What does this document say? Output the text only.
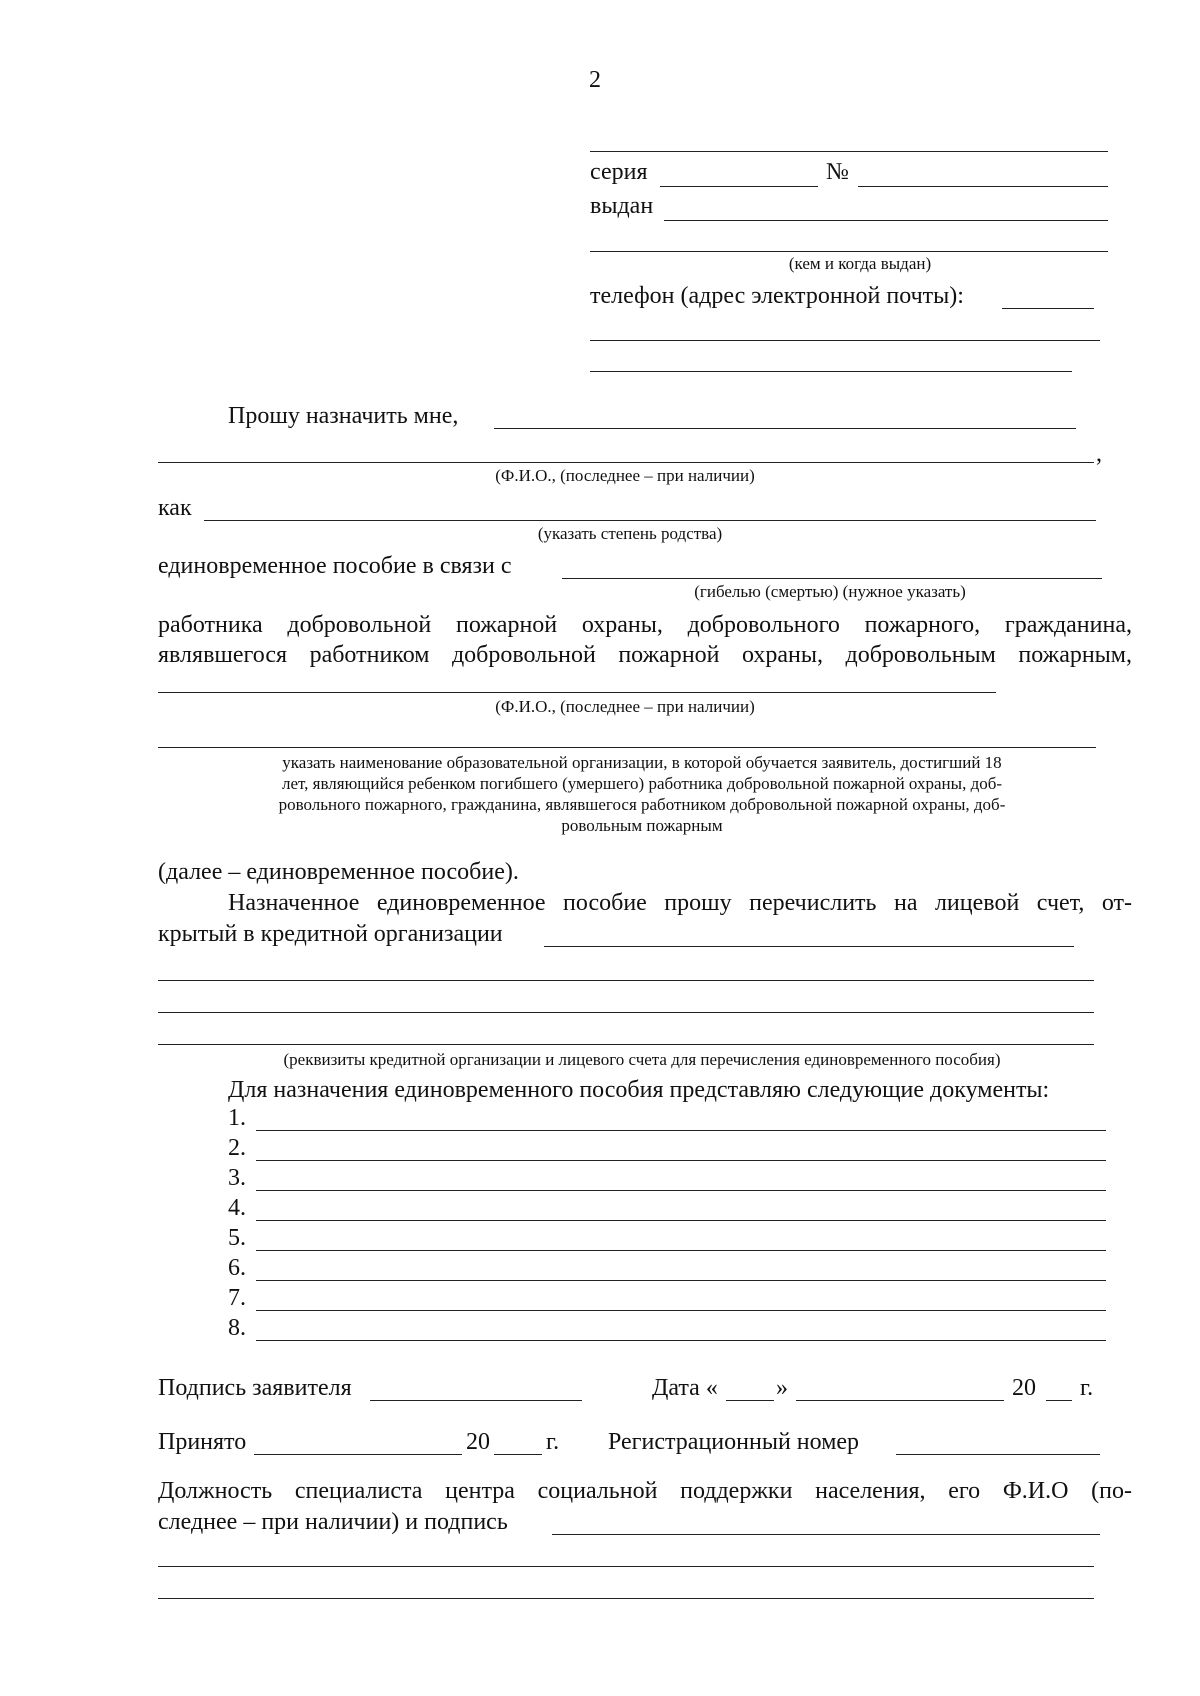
2
серия	№
выдан
(кем и когда выдан)
телефон (адрес электронной почты):
Прошу назначить мне,
,
(Ф.И.О., (последнее – при наличии)
как
(указать степень родства)
единовременное пособие в связи с
(гибелью (смертью) (нужное указать)
работника добровольной пожарной охраны, добровольного пожарного, гражданина,
являвшегося работником добровольной пожарной охраны, добровольным пожарным,
(Ф.И.О., (последнее – при наличии)
указать наименование образовательной организации, в которой обучается заявитель, достигший 18
лет, являющийся ребенком погибшего (умершего) работника добровольной пожарной охраны, доб-
ровольного пожарного, гражданина, являвшегося работником добровольной пожарной охраны, доб-
ровольным пожарным
(далее – единовременное пособие).
Назначенное единовременное пособие прошу перечислить на лицевой счет, от-
крытый в кредитной организации
(реквизиты кредитной организации и лицевого счета для перечисления единовременного пособия)
Для назначения единовременного пособия представляю следующие документы:
1.
2.
3.
4.
5.
6.
7.
8.
Подпись заявителя	Дата « »	20 г.
Принято	20 г. Регистрационный номер
Должность специалиста центра социальной поддержки населения, его Ф.И.О (по-
следнее – при наличии) и подпись
